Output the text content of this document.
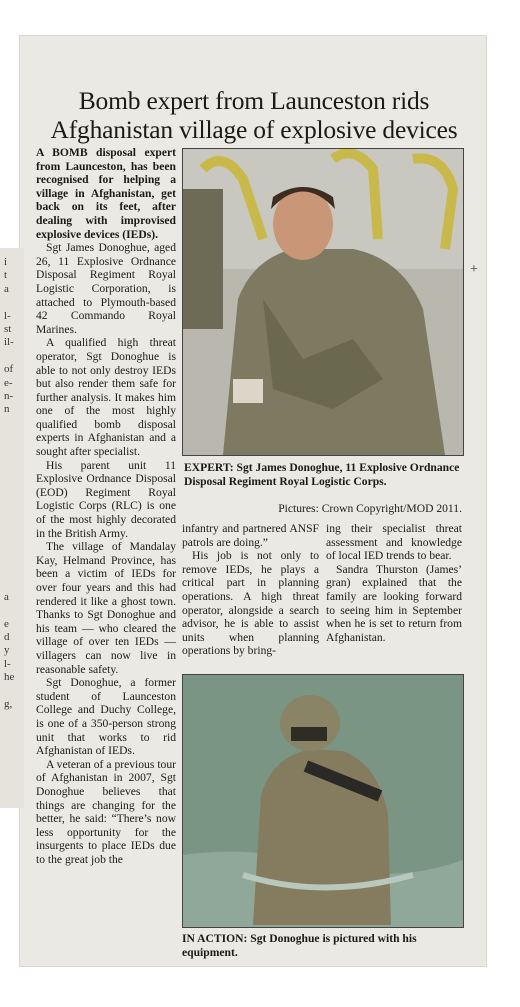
i
t
a
l-
st
il-
of
e-
n-
n
a
e
d
y
l-
he
g,
Bomb expert from Launceston rids Afghanistan village of explosive devices

A BOMB disposal expert from Launceston, has been recognised for helping a village in Afghanistan, get back on its feet, after dealing with improvised explosive devices (IEDs).

Sgt James Donoghue, aged 26, 11 Explosive Ordnance Disposal Regiment Royal Logistic Corporation, is attached to Plymouth-based 42 Commando Royal Marines.

A qualified high threat operator, Sgt Donoghue is able to not only destroy IEDs but also render them safe for further analysis. It makes him one of the most highly qualified bomb disposal experts in Afghanistan and a sought after specialist.

His parent unit 11 Explosive Ordnance Disposal (EOD) Regiment Royal Logistic Corps (RLC) is one of the most highly decorated in the British Army.

The village of Mandalay Kay, Helmand Province, has been a victim of IEDs for over four years and this had rendered it like a ghost town. Thanks to Sgt Donoghue and his team — who cleared the village of over ten IEDs — villagers can now live in reasonable safety.

Sgt Donoghue, a former student of Launceston College and Duchy College, is one of a 350-person strong unit that works to rid Afghanistan of IEDs.

A veteran of a previous tour of Afghanistan in 2007, Sgt Donoghue believes that things are changing for the better, he said: “There’s now less opportunity for the insurgents to place IEDs due to the great job the

EXPERT: Sgt James Donoghue, 11 Explosive Ordnance Disposal Regiment Royal Logistic Corps.
Pictures: Crown Copyright/MOD 2011.

infantry and partnered ANSF patrols are doing.”

His job is not only to remove IEDs, he plays a critical part in planning operations. A high threat operator, alongside a search advisor, he is able to assist units when planning operations by bring-

ing their specialist threat assessment and knowledge of local IED trends to bear.

Sandra Thurston (James’ gran) explained that the family are looking forward to seeing him in September when he is set to return from Afghanistan.

IN ACTION: Sgt Donoghue is pictured with his equipment.
+
